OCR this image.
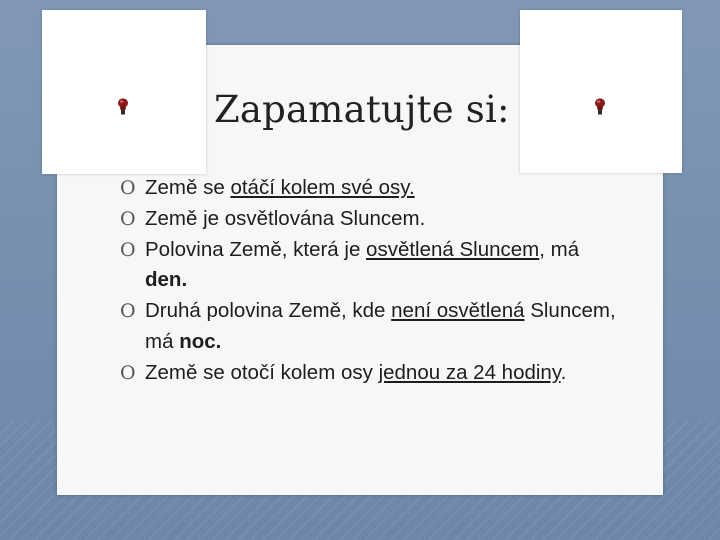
Zapamatujte si:
O Země se otáčí kolem své osy.
O Země je osvětlována Sluncem.
O Polovina Země, která je osvětlená Sluncem, má den.
O Druhá polovina Země, kde není osvětlená Sluncem, má noc.
O Země se otočí kolem osy jednou za 24 hodiny.
